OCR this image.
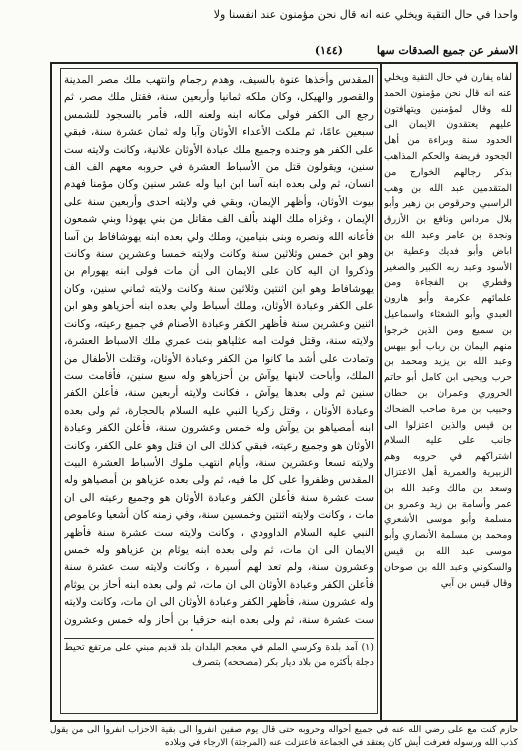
واحدا في حال التقية ويخلي عنه انه قال نحن مؤمنون عند انفسنا ولا
الاسفر عن جميع الصدقات سها
(١٤٤)

المقدس وأخذها عنوة بالسيف، وهدم رجمام وانتهب ملك مصر المدينة والقصور والهيكل، وكان ملكه ثمانيا وأربعين سنة، فقتل ملك مصر، ثم رجع الى الكفر فولى مكانه ابنه ولعنه الله، فأمر بالسجود للشمس سبعين عامًا، ثم ملكت الأعداء الأوثان وآبا وله ثمان عشرة سنة، فبقي على الكفر هو وجنده وجميع ملك عبادة الأوثان علانية، وكانت ولايته ست سنين، ويقولون قتل من الأسباط العشرة في حروبه معهم الف الف انسان، ثم ولى بعده ابنه آسا ابن ابيا وله عشر سنين وكان مؤمنا فهدم بيوت الأوثان، وأظهر الإيمان، وبقي في ولايته احدى وأربعين سنة على الإيمان ، وغزاه ملك الهند بألف الف مقاتل من بني يهوذا وبني شمعون فأعانه الله ونصره وبنى بنيامين، وملك ولي بعده ابنه يهوشافاط بن آسا وهو ابن خمس وثلاثين سنة وكانت ولايته خمسا وعشرين سنة وكانت وذكروا ان اليه كان على الايمان الى أن مات فولى ابنه يهورام بن يهوشافاط وهو ابن اثنتين وثلاثين سنة وكانت ولايته ثماني سنين، وكان على الكفر وعبادة الأوثان، وملك أسباط ولي بعده ابنه أحزياهو وهو ابن اثنين وعشرين سنة فأظهر الكفر وعبادة الأصنام في جميع رعيته، وكانت ولايته سنة، وقتل فولت امه عثلياهو بنت عمري ملك الاسباط العشرة، وتمادت على أشد ما كانوا من الكفر وعبادة الأوثان، وقتلت الأطفال من الملك، وأباحت لابنها يوآش بن أحزياهو وله سبع سنين، فأقامت ست سنين ثم ولى بعدها يوآش ، فكانت ولايته أربعين سنة، فأعلن الكفر وعبادة الأوثان ، وقتل زكريا النبي عليه السلام بالحجارة، ثم ولى بعده ابنه أمصياهو بن يوآش وله خمس وعشرون سنة، فأعلن الكفر وعبادة الأوثان هو وجميع رعيته، فبقي كذلك الى ان قتل وهو على الكفر، وكانت ولايته تسعا وعشرين سنة، وأيام انتهب ملوك الأسباط العشرة البيت المقدس وظفروا على كل ما فيه، ثم ولى بعده عزياهو بن أمصياهو وله ست عشرة سنة فأعلن الكفر وعبادة الأوثان هو وجميع رعيته الى ان مات ، وكانت ولايته اثنتين وخمسين سنة، وفي زمنه كان أشعيا وعاموص النبي عليه السلام الداوودي ، وكانت ولايته ست عشرة سنة فأظهر الايمان الى ان مات، ثم ولى بعده ابنه يوثام بن عزياهو وله خمس وعشرون سنة، ولم تعد لهم أسيرة ، وكانت ولايته ست عشرة سنة فأعلن الكفر وعبادة الأوثان الى ان مات، ثم ولى بعده ابنه أحاز بن يوثام وله عشرون سنة، فأظهر الكفر وعبادة الأوثان الى ان مات، وكانت ولايته ست عشرة سنة، ثم ولى بعده ابنه حزقيا بن أحاز وله خمس وعشرون

(١) آمد بلدة وكرسي الملم في معجم البلدان بلد قديم مبني على مرتفع تحيط دجلة بأكثره من بلاد ديار بكر (مصححه) بتصرف

لفاه يفارن في حال التقية ويخلي عنه انه قال نحن مؤمنون الحمد لله وقال لمؤمنين ويتهافتون عليهم يعتقدون الايمان الى الحدود سنة وبراءة من أهل الجحود فريضة والحكم المذاهب بذكر رجالهم الخوارج من المتقدمين عبد الله بن وهب الراسبي وحرقوص بن زهير وأبو بلال مرداس ونافع بن الأزرق ونجدة بن عامر وعبد الله بن اباض وأبو فديك وعطية بن الأسود وعبد ربه الكبير والصغير وقطري بن الفجاءة ومن علمائهم عكرمة وأبو هارون العبدي وأبو الشعثاء واسماعيل بن سميع ومن الذين خرجوا منهم اليمان بن رباب أبو بيهس وعبد الله بن يزيد ومحمد بن حرب ويحيى ابن كامل أبو حاتم الحروري وعمران بن حطان وحبيب بن مرة صاحب الضحاك بن قيس والذين اعتزلوا الى جانب على عليه السلام اشتراكهم في حروبه وهم الزبيرية والعمرية أهل الاعتزال وسعد بن مالك وعبد الله بن عمر وأسامة بن زيد وعمرو بن مسلمة وأبو موسى الأشعري ومحمد بن مسلمة الأنصاري وأبو موسى عبد الله بن قيس والسكوني وعبد الله بن صوحان وقال قيس بن آبي

حازم كنت مع على رضي الله عنه في جميع أحواله وحروبه حتى قال يوم صفين انفروا الى بقية الاحزاب انفروا الى من يقول كذب الله ورسوله فعرفت أيش كان يعتقد في الجماعة فاعتزلت عنه (المرجئة) الارجاء في وبلاده
